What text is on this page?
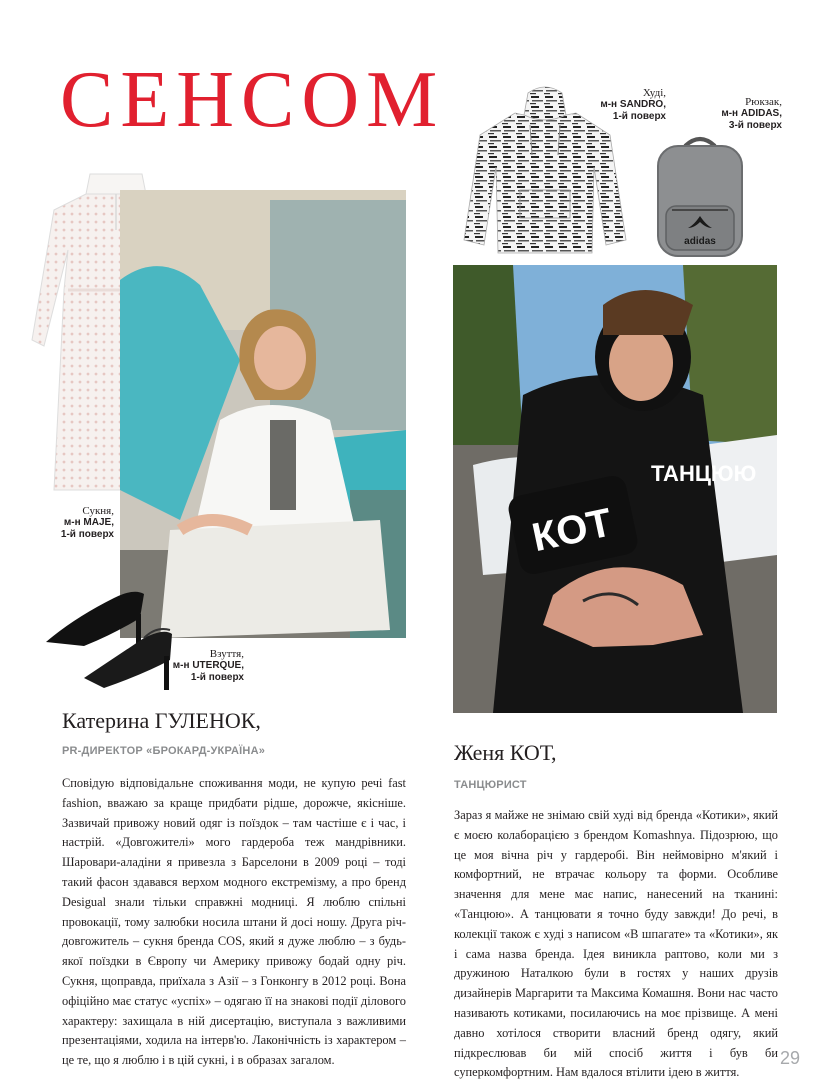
СЕНСОМ	Худі,
м-н SANDRO,
1-й поверх
Рюкзак,
м-н ADIDAS,
3-й поверх
adidas
Сукня,
м-н MAJE,
1-й поверх
Взуття,
м-н UTERQUE,
1-й поверх
КОТ
ТАНЦЮЮ
Катерина ГУЛЕНОК,

PR-ДИРЕКТОР «БРОКАРД-УКРАЇНА»

Сповідую відповідальне споживання моди, не купую речі fast fashion, вважаю за краще придбати рідше, дорожче, якісніше. Зазвичай привожу новий одяг із поїздок – там частіше є і час, і настрій. «Довгожителі» мого гардероба теж мандрівники. Шаровари-аладіни я привезла з Барселони в 2009 році – тоді такий фасон здавався верхом модного екстремізму, а про бренд Desigual знали тільки справжні модниці. Я люблю спільні провокації, тому залюбки носила штани й досі ношу. Друга річ-довгожитель – сукня бренда COS, який я дуже люблю – з будь-якої поїздки в Європу чи Америку привожу бодай одну річ. Сукня, щоправда, приїхала з Азії – з Гонконгу в 2012 році. Вона офіційно має статус «успіх» – одягаю її на знакові події ділового характеру: захищала в ній дисертацію, виступала з важливими презентаціями, ходила на інтерв'ю. Лаконічність із характером – це те, що я люблю і в цій сукні, і в образах загалом.

Женя КОТ,

ТАНЦЮРИСТ

Зараз я майже не знімаю свій худі від бренда «Котики», який є моєю колаборацією з брендом Komashnya. Підозрюю, що це моя вічна річ у гардеробі. Він неймовірно м'який і комфортний, не втрачає кольору та форми. Особливе значення для мене має напис, нанесений на тканині: «Танцюю». А танцювати я точно буду завжди! До речі, в колекції також є худі з написом «В шпагате» та «Котики», як і сама назва бренда. Ідея виникла раптово, коли ми з дружиною Наталкою були в гостях у наших друзів дизайнерів Маргарити та Максима Комашня. Вони нас часто називають котиками, посилаючись на моє прізвище. А мені давно хотілося створити власний бренд одягу, який підкреслював би мій спосіб життя і був би суперкомфортним. Нам вдалося втілити ідею в життя.

29
